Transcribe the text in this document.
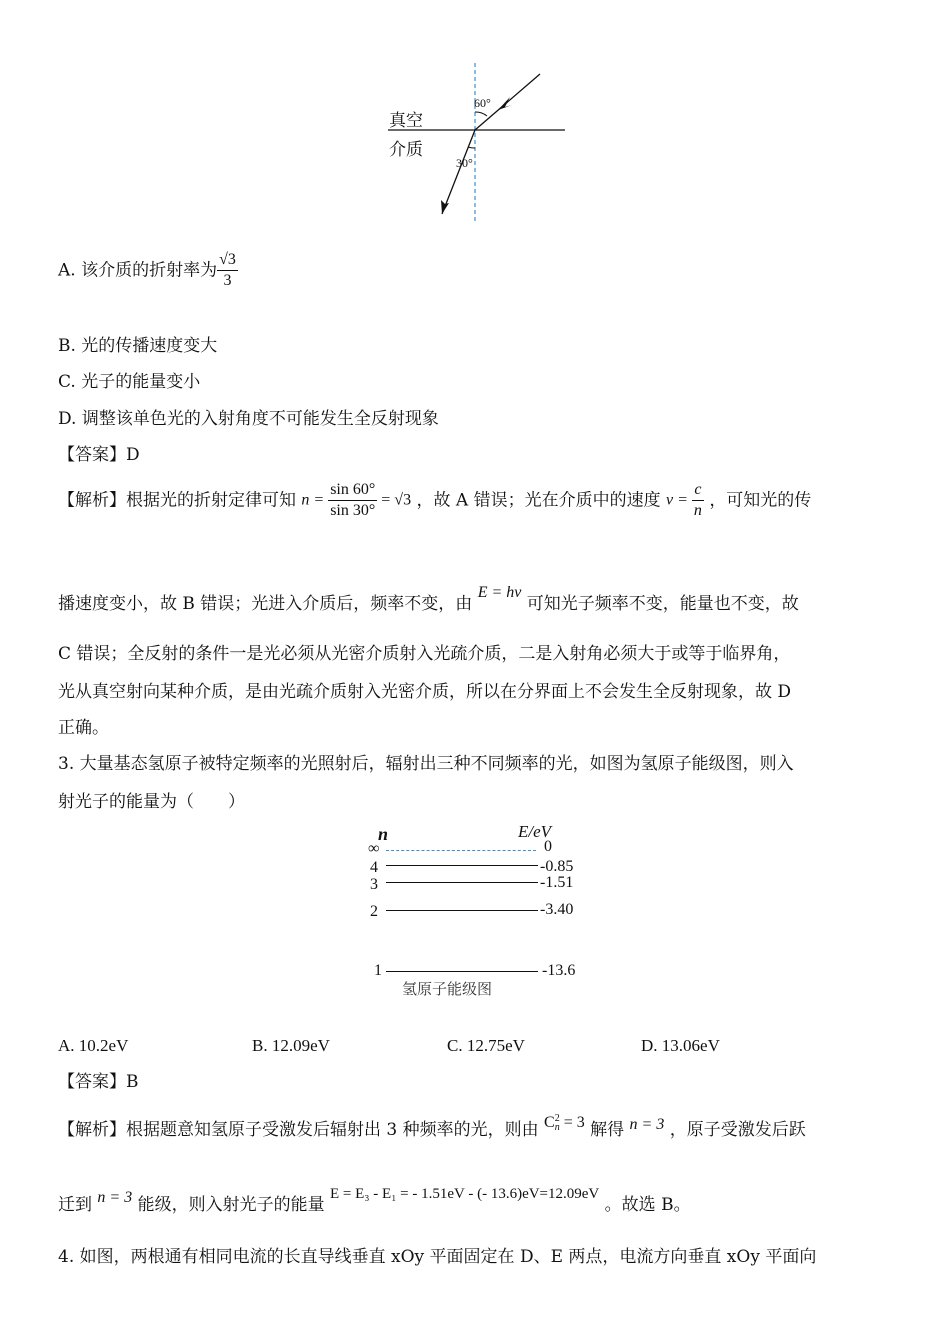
真空
介质
60°
30°
A. 该介质的折射率为 $\frac{√3}{3}$
B. 光的传播速度变大
C. 光子的能量变小
D. 调整该单色光的入射角度不可能发生全反射现象
【答案】D
【解析】根据光的折射定律可知 $n = \frac{\sin 60^\circ}{\sin 30^\circ} = √3$ ，故 A 错误；光在介质中的速度 $v = \frac{c}{n}$ ，可知光的传
播速度变小，故 B 错误；光进入介质后，频率不变，由 E = hν 可知光子频率不变，能量也不变，故
C 错误；全反射的条件一是光必须从光密介质射入光疏介质，二是入射角必须大于或等于临界角，
光从真空射向某种介质，是由光疏介质射入光密介质，所以在分界面上不会发生全反射现象，故 D
正确。
3. 大量基态氢原子被特定频率的光照射后，辐射出三种不同频率的光，如图为氢原子能级图，则入
射光子的能量为（　　）
n	E/eV
∞	0
4	-0.85
3	-1.51
2	-3.40
1	-13.6
氢原子能级图
A. 10.2eV	B. 12.09eV	C. 12.75eV	D. 13.06eV
【答案】B
【解析】根据题意知氢原子受激发后辐射出 3 种频率的光，则由 C 2
n = 3 解得 n = 3 ，原子受激发后跃
迁到 n = 3 能级，则入射光子的能量 E = E₃ - E₁ = - 1.51eV - (- 13.6)eV=12.09eV 。故选 B。
4. 如图，两根通有相同电流的长直导线垂直 xOy 平面固定在 D、E 两点，电流方向垂直 xOy 平面向
